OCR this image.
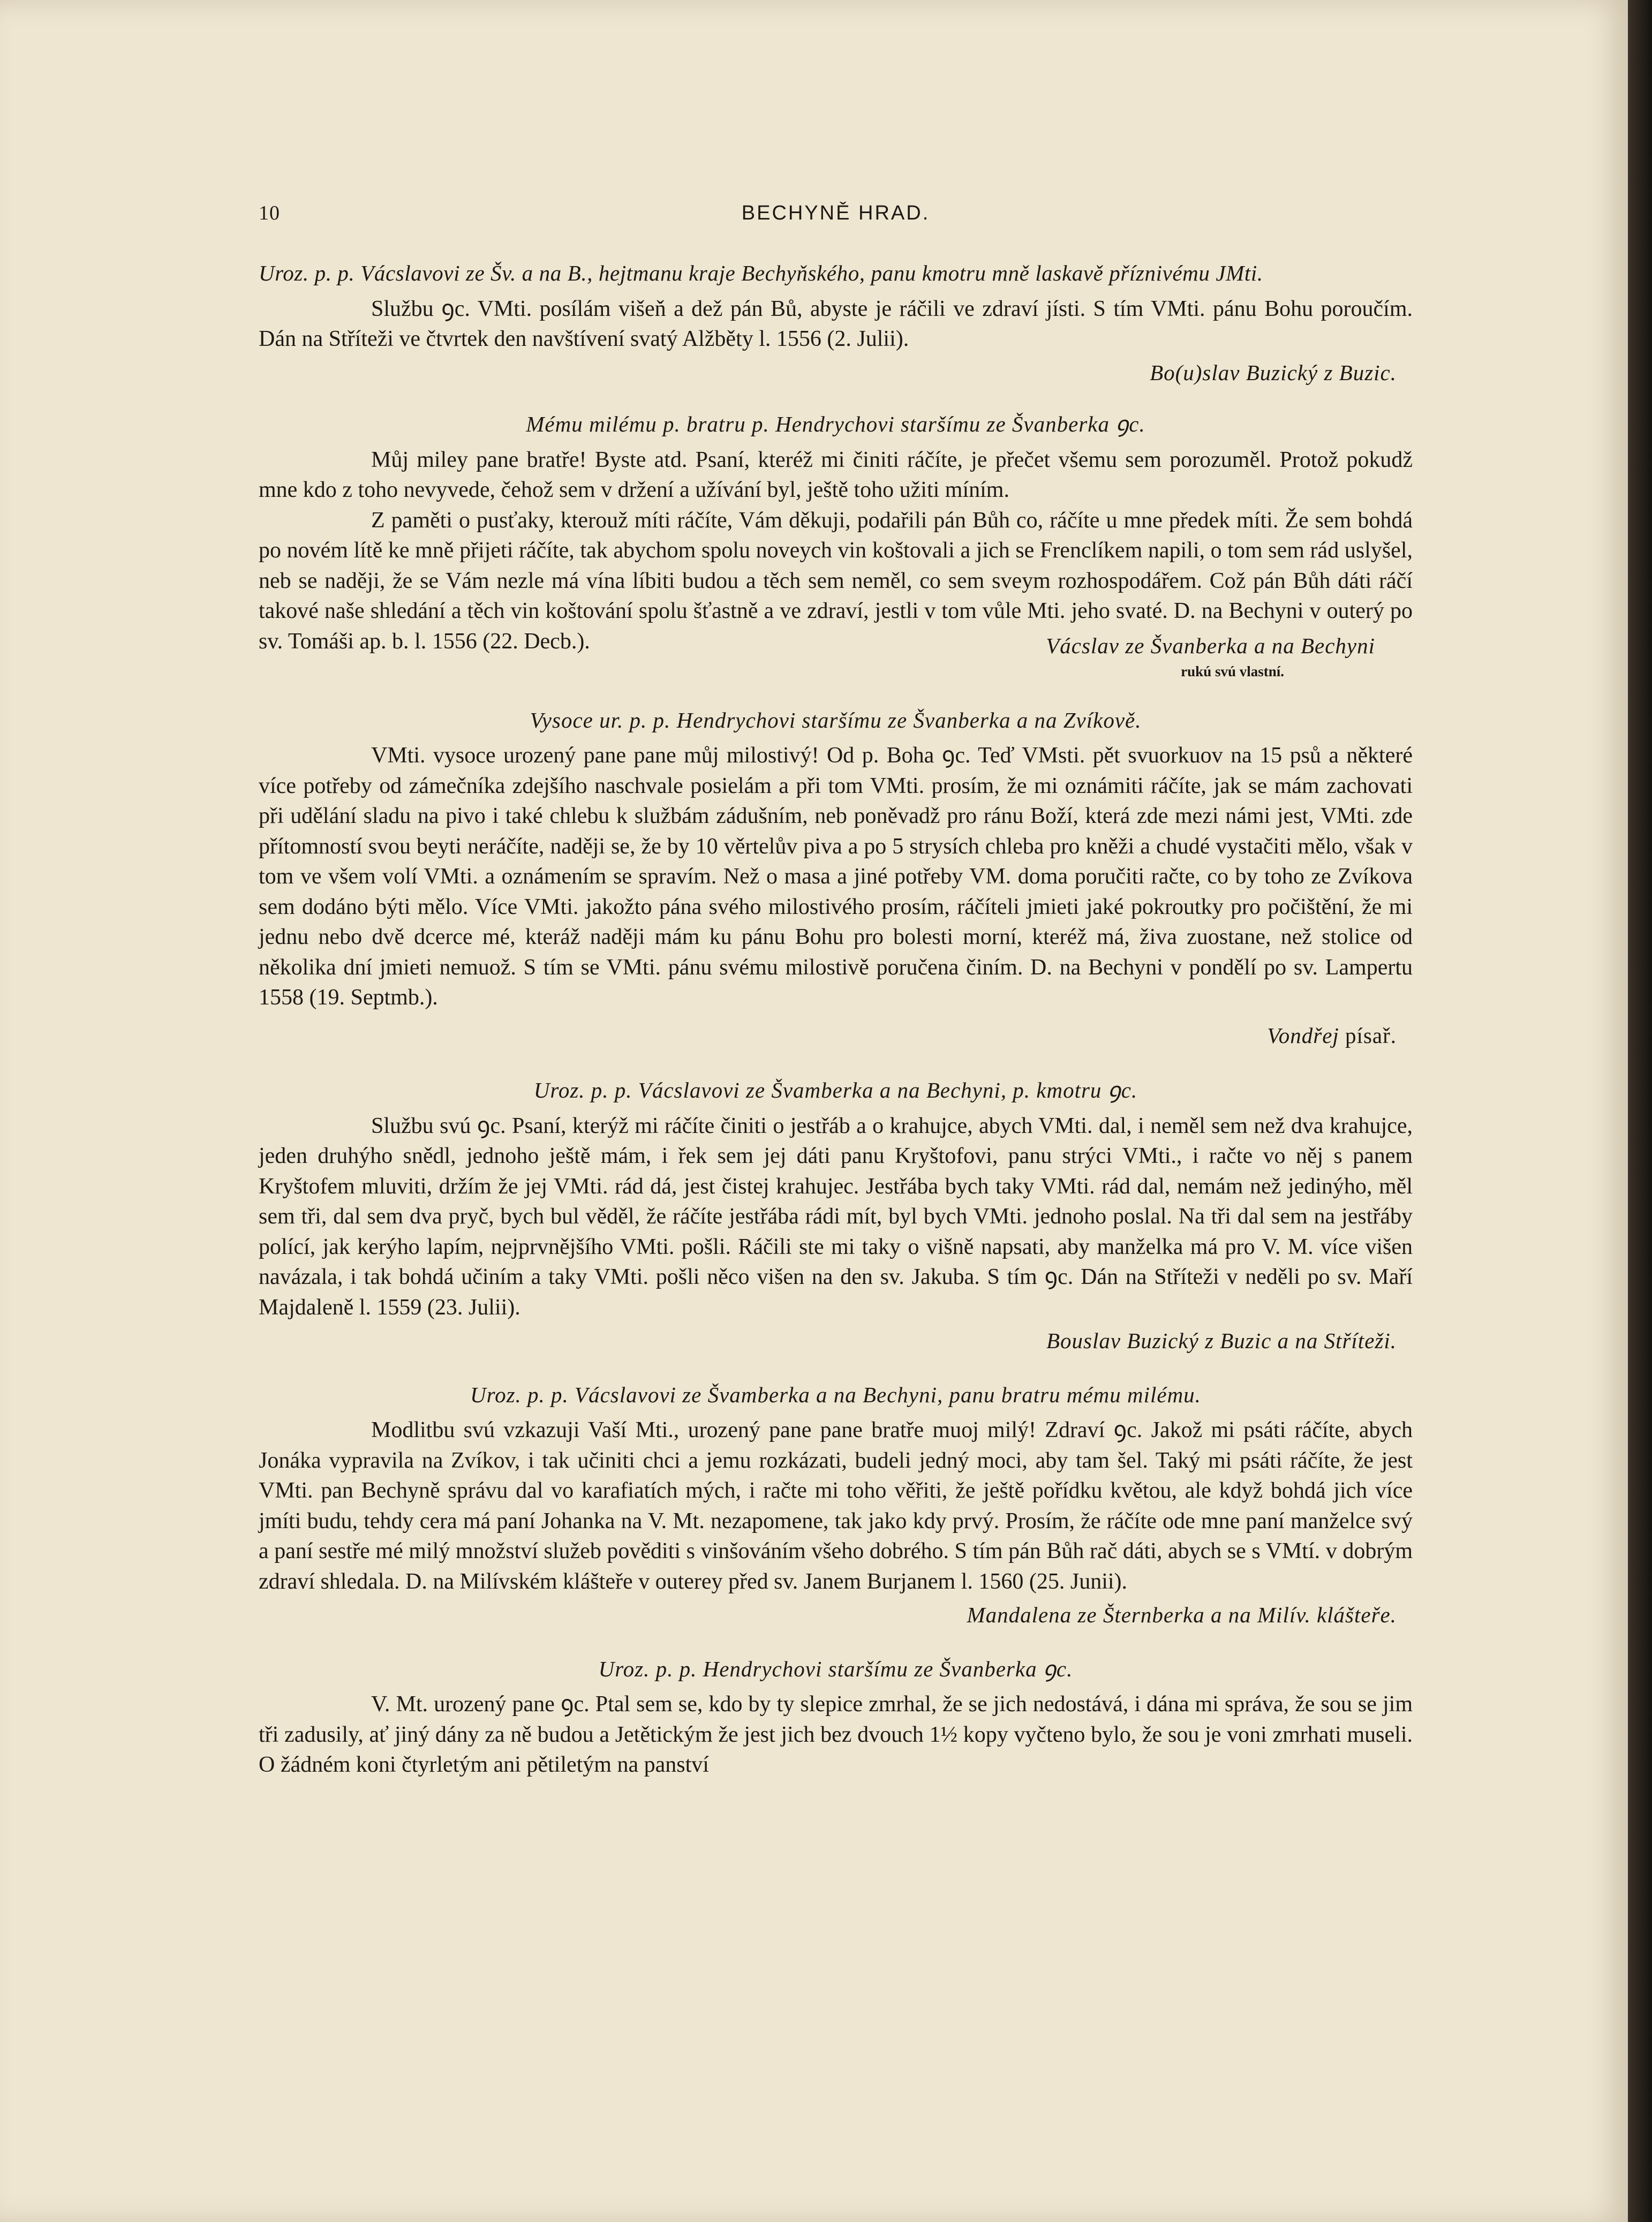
10	BECHYNĚ HRAD.

Uroz. p. p. Vácslavovi ze Šv. a na B., hejtmanu kraje Bechyňského, panu kmotru mně laskavě příznivému JMti.

Službu ꝯc. VMti. posílám višeň a dež pán Bů, abyste je ráčili ve zdraví jísti. S tím VMti. pánu Bohu poroučím. Dán na Stříteži ve čtvrtek den navštívení svatý Alžběty l. 1556 (2. Julii).

Bo(u)slav Buzický z Buzic.

Mému milému p. bratru p. Hendrychovi staršímu ze Švanberka ꝯc.

Můj miley pane bratře! Byste atd. Psaní, kteréž mi činiti ráčíte, je přečet všemu sem porozuměl. Protož pokudž mne kdo z toho nevyvede, čehož sem v držení a užívání byl, ještě toho užiti míním.

Z paměti o pusťaky, kterouž míti ráčíte, Vám děkuji, podařili pán Bůh co, ráčíte u mne předek míti. Že sem bohdá po novém lítě ke mně přijeti ráčíte, tak abychom spolu noveych vin koštovali a jich se Frenclíkem napili, o tom sem rád uslyšel, neb se naději, že se Vám nezle má vína líbiti budou a těch sem neměl, co sem sveym rozhospodářem. Což pán Bůh dáti ráčí takové naše shledání a těch vin koštování spolu šťastně a ve zdraví, jestli v tom vůle Mti. jeho svaté. D. na Bechyni v outerý po sv. Tomáši ap. b. l. 1556 (22. Decb.).	Vácslav ze Švanberka a na Bechyni
rukú svú vlastní.

Vysoce ur. p. p. Hendrychovi staršímu ze Švanberka a na Zvíkově.

VMti. vysoce urozený pane pane můj milostivý! Od p. Boha ꝯc. Teď VMsti. pět svuorkuov na 15 psů a některé více potřeby od zámečníka zdejšího naschvale posielám a při tom VMti. prosím, že mi oznámiti ráčíte, jak se mám zachovati při udělání sladu na pivo i také chlebu k službám zádušním, neb poněvadž pro ránu Boží, která zde mezi námi jest, VMti. zde přítomností svou beyti neráčíte, naději se, že by 10 věrtelův piva a po 5 strysích chleba pro kněži a chudé vystačiti mělo, však v tom ve všem volí VMti. a oznámením se spravím. Než o masa a jiné potřeby VM. doma poručiti račte, co by toho ze Zvíkova sem dodáno býti mělo. Více VMti. jakožto pána svého milostivého prosím, ráčíteli jmieti jaké pokroutky pro počištění, že mi jednu nebo dvě dcerce mé, kteráž naději mám ku pánu Bohu pro bolesti morní, kteréž má, živa zuostane, než stolice od několika dní jmieti nemuož. S tím se VMti. pánu svému milostivě poručena činím. D. na Bechyni v pondělí po sv. Lampertu 1558 (19. Septmb.).

Vondřej písař.

Uroz. p. p. Vácslavovi ze Švamberka a na Bechyni, p. kmotru ꝯc.

Službu svú ꝯc. Psaní, kterýž mi ráčíte činiti o jestřáb a o krahujce, abych VMti. dal, i neměl sem než dva krahujce, jeden druhýho snědl, jednoho ještě mám, i řek sem jej dáti panu Kryštofovi, panu strýci VMti., i račte vo něj s panem Kryštofem mluviti, držím že jej VMti. rád dá, jest čistej krahujec. Jestřába bych taky VMti. rád dal, nemám než jedinýho, měl sem tři, dal sem dva pryč, bych bul věděl, že ráčíte jestřába rádi mít, byl bych VMti. jednoho poslal. Na tři dal sem na jestřáby polící, jak kerýho lapím, nejprvnějšího VMti. pošli. Ráčili ste mi taky o višně napsati, aby manželka má pro V. M. více višen navázala, i tak bohdá učiním a taky VMti. pošli něco višen na den sv. Jakuba. S tím ꝯc. Dán na Stříteži v neděli po sv. Maří Majdaleně l. 1559 (23. Julii).

Bouslav Buzický z Buzic a na Stříteži.

Uroz. p. p. Vácslavovi ze Švamberka a na Bechyni, panu bratru mému milému.

Modlitbu svú vzkazuji Vaší Mti., urozený pane pane bratře muoj milý! Zdraví ꝯc. Jakož mi psáti ráčíte, abych Jonáka vypravila na Zvíkov, i tak učiniti chci a jemu rozkázati, budeli jedný moci, aby tam šel. Taký mi psáti ráčíte, že jest VMti. pan Bechyně správu dal vo karafiatích mých, i račte mi toho věřiti, že ještě pořídku květou, ale když bohdá jich více jmíti budu, tehdy cera má paní Johanka na V. Mt. nezapomene, tak jako kdy prvý. Prosím, že ráčíte ode mne paní manželce svý a paní sestře mé milý množství služeb pověditi s vinšováním všeho dobrého. S tím pán Bůh rač dáti, abych se s VMtí. v dobrým zdraví shledala. D. na Milívském klášteře v outerey před sv. Janem Burjanem l. 1560 (25. Junii).

Mandalena ze Šternberka a na Milív. klášteře.

Uroz. p. p. Hendrychovi staršímu ze Švanberka ꝯc.

V. Mt. urozený pane ꝯc. Ptal sem se, kdo by ty slepice zmrhal, že se jich nedostává, i dána mi správa, že sou se jim tři zadusily, ať jiný dány za ně budou a Jetětickým že jest jich bez dvouch 1½ kopy vyčteno bylo, že sou je voni zmrhati museli. O žádném koni čtyrletým ani pětiletým na panství
